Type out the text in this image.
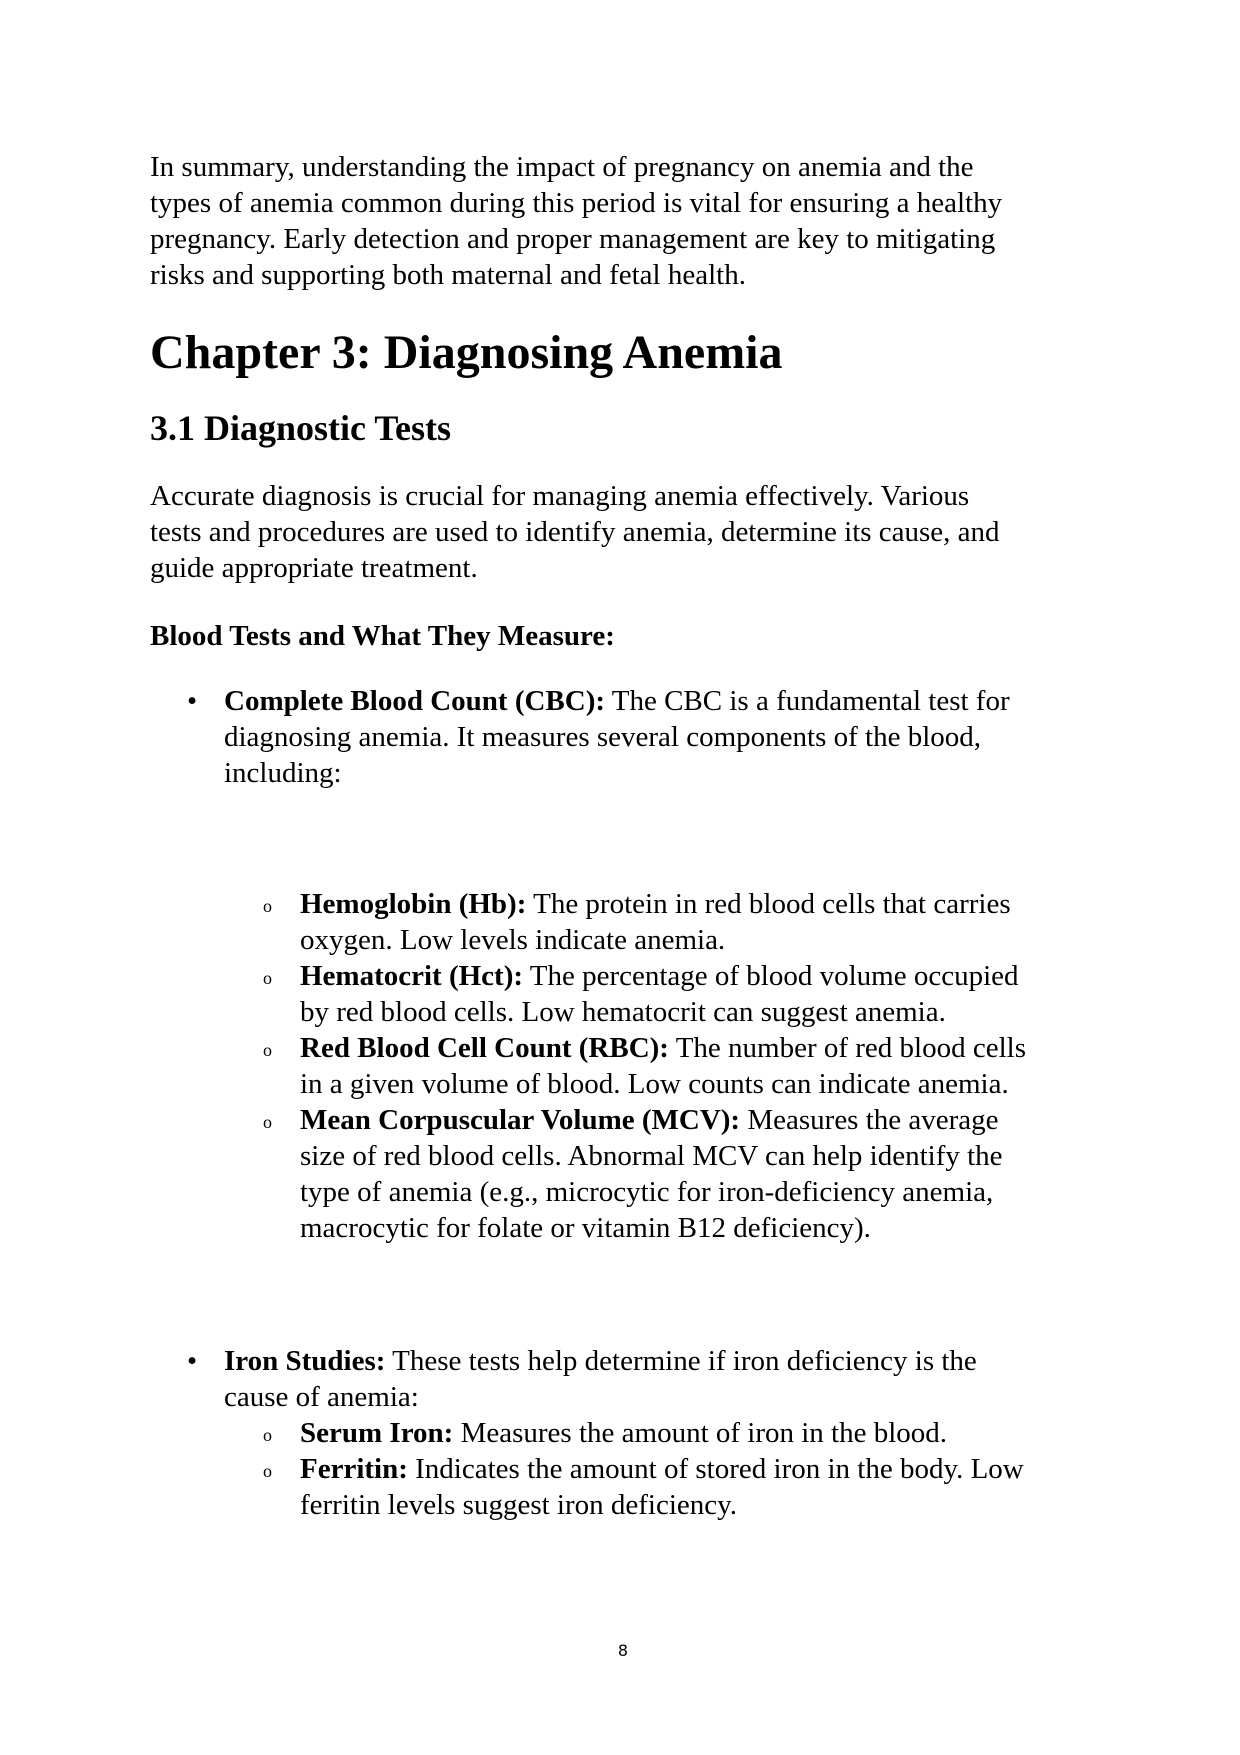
In summary, understanding the impact of pregnancy on anemia and the
types of anemia common during this period is vital for ensuring a healthy
pregnancy. Early detection and proper management are key to mitigating
risks and supporting both maternal and fetal health.
Chapter 3: Diagnosing Anemia
3.1 Diagnostic Tests
Accurate diagnosis is crucial for managing anemia effectively. Various
tests and procedures are used to identify anemia, determine its cause, and
guide appropriate treatment.
Blood Tests and What They Measure:
• Complete Blood Count (CBC): The CBC is a fundamental test for
diagnosing anemia. It measures several components of the blood,
including:
o Hemoglobin (Hb): The protein in red blood cells that carries
oxygen. Low levels indicate anemia.
o Hematocrit (Hct): The percentage of blood volume occupied
by red blood cells. Low hematocrit can suggest anemia.
o Red Blood Cell Count (RBC): The number of red blood cells
in a given volume of blood. Low counts can indicate anemia.
o Mean Corpuscular Volume (MCV): Measures the average
size of red blood cells. Abnormal MCV can help identify the
type of anemia (e.g., microcytic for iron-deficiency anemia,
macrocytic for folate or vitamin B12 deficiency).
• Iron Studies: These tests help determine if iron deficiency is the
cause of anemia:
o Serum Iron: Measures the amount of iron in the blood.
o Ferritin: Indicates the amount of stored iron in the body. Low
ferritin levels suggest iron deficiency.
8
